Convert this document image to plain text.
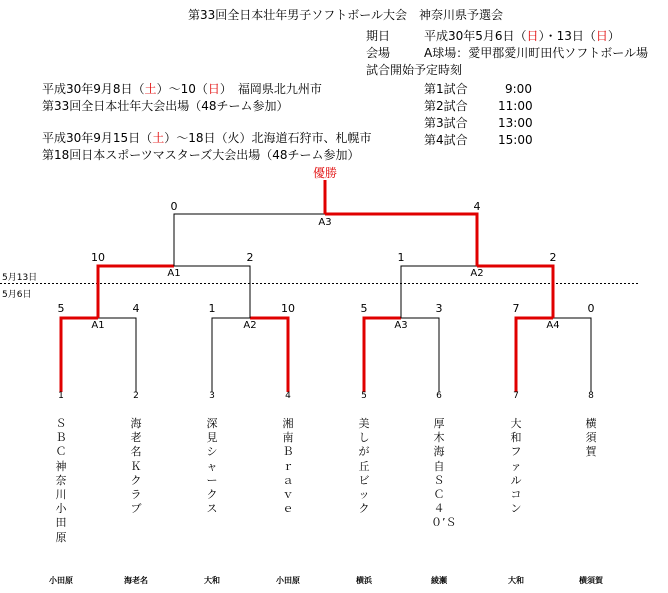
第33回全日本壮年男子ソフトボール大会　神奈川県予選会
期日	平成30年5月6日（日）・13日（日）
会場	A球場：愛甲郡愛川町田代ソフトボール場
試合開始予定時刻
第1試合	9:00
第2試合	11:00
第3試合	13:00
第4試合	15:00
平成30年9月8日（土）～10（日）　福岡県北九州市
第33回全日本壮年大会出場（48チーム参加）
平成30年9月15日（土）～18日（火）北海道石狩市、札幌市
第18回日本スポーツマスターズ大会出場（48チーム参加）
優勝
5月13日
5月6日
0	4
A3
10	2
A1
1	2
A2
5	4
A1
1	10
A2
5	3
A3
7	0
A4
1	2	3	4	5	6	7	8
ＳＢＣ神奈川小田原
海老名Ｋクラブ
深見シャークス
湘南Ｂｒａｖｅ
美しが丘ビック
厚木海自ＳＣ４０’Ｓ
大和ファルコン
横須賀
小田原	海老名	大和	小田原	横浜	綾瀬	大和	横須賀
